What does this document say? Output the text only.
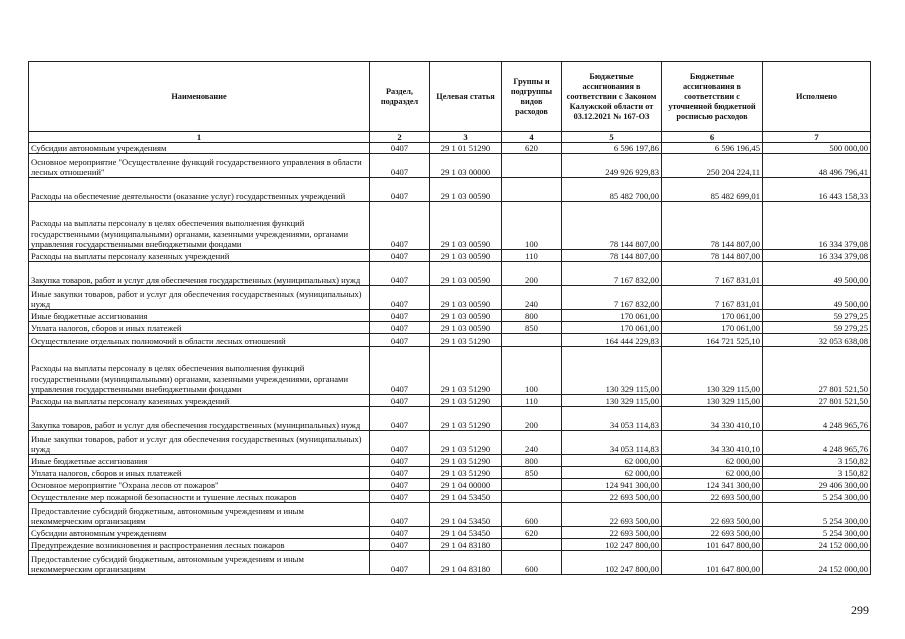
Наименование	Раздел, подраздел	Целевая статья	Группы и подгруппы видов расходов	Бюджетные ассигнования в соответствии с Законом Калужской области от 03.12.2021 № 167-ОЗ	Бюджетные ассигнования в соответствии с уточненной бюджетной росписью расходов	Исполнено
1	2	3	4	5	6	7
Субсидии автономным учреждениям	0407	29 1 01 51290	620	6 596 197,86	6 596 196,45	500 000,00
Основное мероприятие "Осуществление функций государственного управления в области лесных отношений"	0407	29 1 03 00000		249 926 929,83	250 204 224,11	48 496 796,41
Расходы на обеспечение деятельности (оказание услуг) государственных учреждений	0407	29 1 03 00590		85 482 700,00	85 482 699,01	16 443 158,33
Расходы на выплаты персоналу в целях обеспечения выполнения функций государственными (муниципальными) органами, казенными учреждениями, органами управления государственными внебюджетными фондами	0407	29 1 03 00590	100	78 144 807,00	78 144 807,00	16 334 379,08
Расходы на выплаты персоналу казенных учреждений	0407	29 1 03 00590	110	78 144 807,00	78 144 807,00	16 334 379,08
Закупка товаров, работ и услуг для обеспечения государственных (муниципальных) нужд	0407	29 1 03 00590	200	7 167 832,00	7 167 831,01	49 500,00
Иные закупки товаров, работ и услуг для обеспечения государственных (муниципальных) нужд	0407	29 1 03 00590	240	7 167 832,00	7 167 831,01	49 500,00
Иные бюджетные ассигнования	0407	29 1 03 00590	800	170 061,00	170 061,00	59 279,25
Уплата налогов, сборов и иных платежей	0407	29 1 03 00590	850	170 061,00	170 061,00	59 279,25
Осуществление отдельных полномочий в области лесных отношений	0407	29 1 03 51290		164 444 229,83	164 721 525,10	32 053 638,08
Расходы на выплаты персоналу в целях обеспечения выполнения функций государственными (муниципальными) органами, казенными учреждениями, органами управления государственными внебюджетными фондами	0407	29 1 03 51290	100	130 329 115,00	130 329 115,00	27 801 521,50
Расходы на выплаты персоналу казенных учреждений	0407	29 1 03 51290	110	130 329 115,00	130 329 115,00	27 801 521,50
Закупка товаров, работ и услуг для обеспечения государственных (муниципальных) нужд	0407	29 1 03 51290	200	34 053 114,83	34 330 410,10	4 248 965,76
Иные закупки товаров, работ и услуг для обеспечения государственных (муниципальных) нужд	0407	29 1 03 51290	240	34 053 114,83	34 330 410,10	4 248 965,76
Иные бюджетные ассигнования	0407	29 1 03 51290	800	62 000,00	62 000,00	3 150,82
Уплата налогов, сборов и иных платежей	0407	29 1 03 51290	850	62 000,00	62 000,00	3 150,82
Основное мероприятие "Охрана лесов от пожаров"	0407	29 1 04 00000		124 941 300,00	124 341 300,00	29 406 300,00
Осуществление мер пожарной безопасности и тушение лесных пожаров	0407	29 1 04 53450		22 693 500,00	22 693 500,00	5 254 300,00
Предоставление субсидий бюджетным, автономным учреждениям и иным некоммерческим организациям	0407	29 1 04 53450	600	22 693 500,00	22 693 500,00	5 254 300,00
Субсидии автономным учреждениям	0407	29 1 04 53450	620	22 693 500,00	22 693 500,00	5 254 300,00
Предупреждение возникновения и распространения лесных пожаров	0407	29 1 04 83180		102 247 800,00	101 647 800,00	24 152 000,00
Предоставление субсидий бюджетным, автономным учреждениям и иным некоммерческим организациям	0407	29 1 04 83180	600	102 247 800,00	101 647 800,00	24 152 000,00
299
